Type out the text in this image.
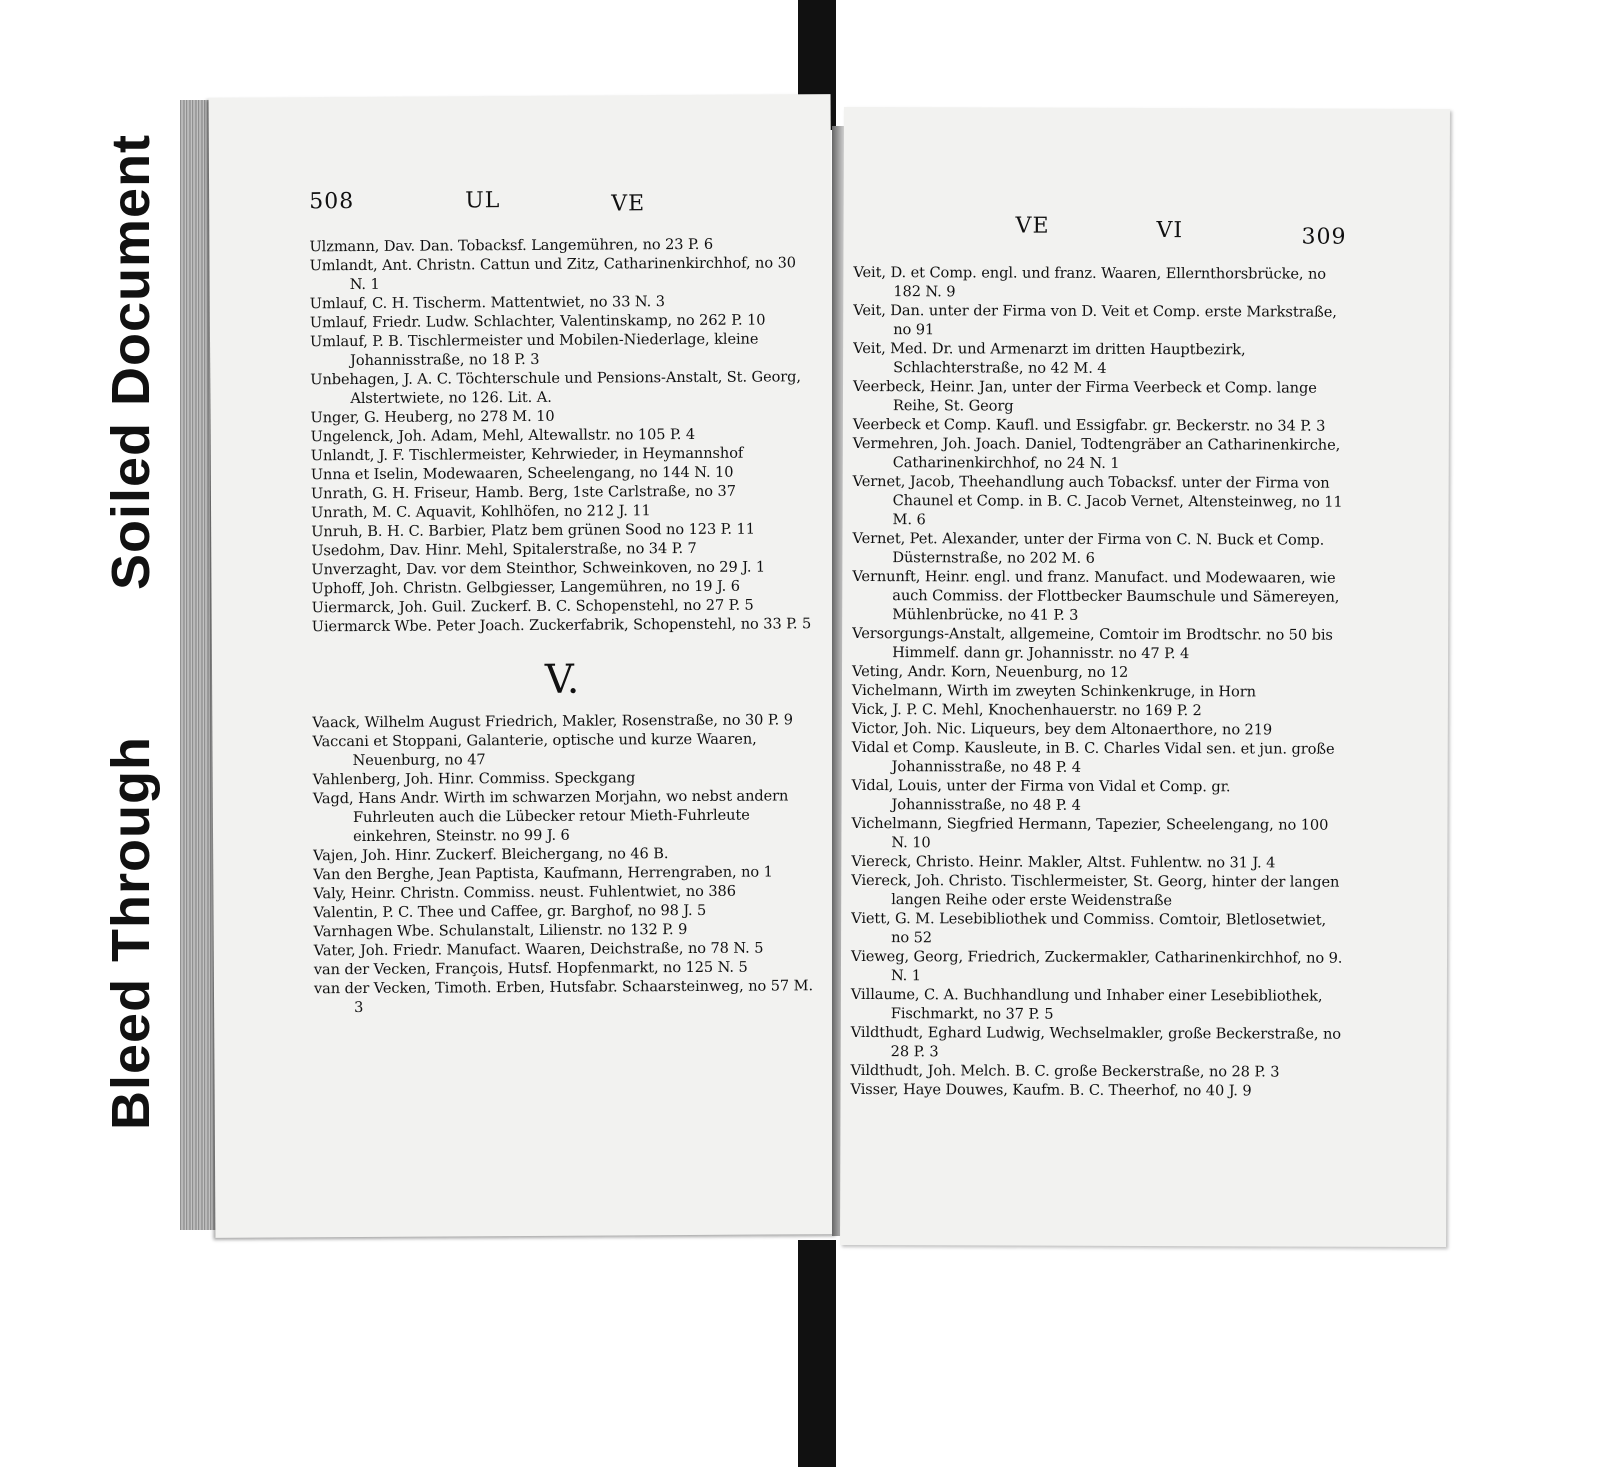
Soiled Document
Bleed Through
508	UL	VE

Ulzmann, Dav. Dan. Tobacksf. Langemühren, no 23 P. 6

Umlandt, Ant. Christn. Cattun und Zitz, Catharinenkirchhof, no 30 N. 1

Umlauf, C. H. Tischerm. Mattentwiet, no 33 N. 3

Umlauf, Friedr. Ludw. Schlachter, Valentinskamp, no 262 P. 10

Umlauf, P. B. Tischlermeister und Mobilen-Niederlage, kleine Johannisstraße, no 18 P. 3

Unbehagen, J. A. C. Töchterschule und Pensions-Anstalt, St. Georg, Alstertwiete, no 126. Lit. A.

Unger, G. Heuberg, no 278 M. 10

Ungelenck, Joh. Adam, Mehl, Altewallstr. no 105 P. 4

Unlandt, J. F. Tischlermeister, Kehrwieder, in Heymannshof

Unna et Iselin, Modewaaren, Scheelengang, no 144 N. 10

Unrath, G. H. Friseur, Hamb. Berg, 1ste Carlstraße, no 37

Unrath, M. C. Aquavit, Kohlhöfen, no 212 J. 11

Unruh, B. H. C. Barbier, Platz bem grünen Sood no 123 P. 11

Usedohm, Dav. Hinr. Mehl, Spitalerstraße, no 34 P. 7

Unverzaght, Dav. vor dem Steinthor, Schweinkoven, no 29 J. 1

Uphoff, Joh. Christn. Gelbgiesser, Langemühren, no 19 J. 6

Uiermarck, Joh. Guil. Zuckerf. B. C. Schopenstehl, no 27 P. 5

Uiermarck Wbe. Peter Joach. Zuckerfabrik, Schopenstehl, no 33 P. 5

V.

Vaack, Wilhelm August Friedrich, Makler, Rosenstraße, no 30 P. 9

Vaccani et Stoppani, Galanterie, optische und kurze Waaren, Neuenburg, no 47

Vahlenberg, Joh. Hinr. Commiss. Speckgang

Vagd, Hans Andr. Wirth im schwarzen Morjahn, wo nebst andern Fuhrleuten auch die Lübecker retour Mieth-Fuhrleute einkehren, Steinstr. no 99 J. 6

Vajen, Joh. Hinr. Zuckerf. Bleichergang, no 46 B.

Van den Berghe, Jean Paptista, Kaufmann, Herrengraben, no 1

Valy, Heinr. Christn. Commiss. neust. Fuhlentwiet, no 386

Valentin, P. C. Thee und Caffee, gr. Barghof, no 98 J. 5

Varnhagen Wbe. Schulanstalt, Lilienstr. no 132 P. 9

Vater, Joh. Friedr. Manufact. Waaren, Deichstraße, no 78 N. 5

van der Vecken, François, Hutsf. Hopfenmarkt, no 125 N. 5

van der Vecken, Timoth. Erben, Hutsfabr. Schaarsteinweg, no 57 M. 3

VE	VI	309

Veit, D. et Comp. engl. und franz. Waaren, Ellernthorsbrücke, no 182 N. 9

Veit, Dan. unter der Firma von D. Veit et Comp. erste Markstraße, no 91

Veit, Med. Dr. und Armenarzt im dritten Hauptbezirk, Schlachterstraße, no 42 M. 4

Veerbeck, Heinr. Jan, unter der Firma Veerbeck et Comp. lange Reihe, St. Georg

Veerbeck et Comp. Kaufl. und Essigfabr. gr. Beckerstr. no 34 P. 3

Vermehren, Joh. Joach. Daniel, Todtengräber an Catharinenkirche, Catharinenkirchhof, no 24 N. 1

Vernet, Jacob, Theehandlung auch Tobacksf. unter der Firma von Chaunel et Comp. in B. C. Jacob Vernet, Altensteinweg, no 11 M. 6

Vernet, Pet. Alexander, unter der Firma von C. N. Buck et Comp. Düsternstraße, no 202 M. 6

Vernunft, Heinr. engl. und franz. Manufact. und Modewaaren, wie auch Commiss. der Flottbecker Baumschule und Sämereyen, Mühlenbrücke, no 41 P. 3

Versorgungs-Anstalt, allgemeine, Comtoir im Brodtschr. no 50 bis Himmelf. dann gr. Johannisstr. no 47 P. 4

Veting, Andr. Korn, Neuenburg, no 12

Vichelmann, Wirth im zweyten Schinkenkruge, in Horn

Vick, J. P. C. Mehl, Knochenhauerstr. no 169 P. 2

Victor, Joh. Nic. Liqueurs, bey dem Altonaerthore, no 219

Vidal et Comp. Kausleute, in B. C. Charles Vidal sen. et jun. große Johannisstraße, no 48 P. 4

Vidal, Louis, unter der Firma von Vidal et Comp. gr. Johannisstraße, no 48 P. 4

Vichelmann, Siegfried Hermann, Tapezier, Scheelengang, no 100 N. 10

Viereck, Christo. Heinr. Makler, Altst. Fuhlentw. no 31 J. 4

Viereck, Joh. Christo. Tischlermeister, St. Georg, hinter der langen langen Reihe oder erste Weidenstraße

Viett, G. M. Lesebibliothek und Commiss. Comtoir, Bletlosetwiet, no 52

Vieweg, Georg, Friedrich, Zuckermakler, Catharinenkirchhof, no 9. N. 1

Villaume, C. A. Buchhandlung und Inhaber einer Lesebibliothek, Fischmarkt, no 37 P. 5

Vildthudt, Eghard Ludwig, Wechselmakler, große Beckerstraße, no 28 P. 3

Vildthudt, Joh. Melch. B. C. große Beckerstraße, no 28 P. 3

Visser, Haye Douwes, Kaufm. B. C. Theerhof, no 40 J. 9
